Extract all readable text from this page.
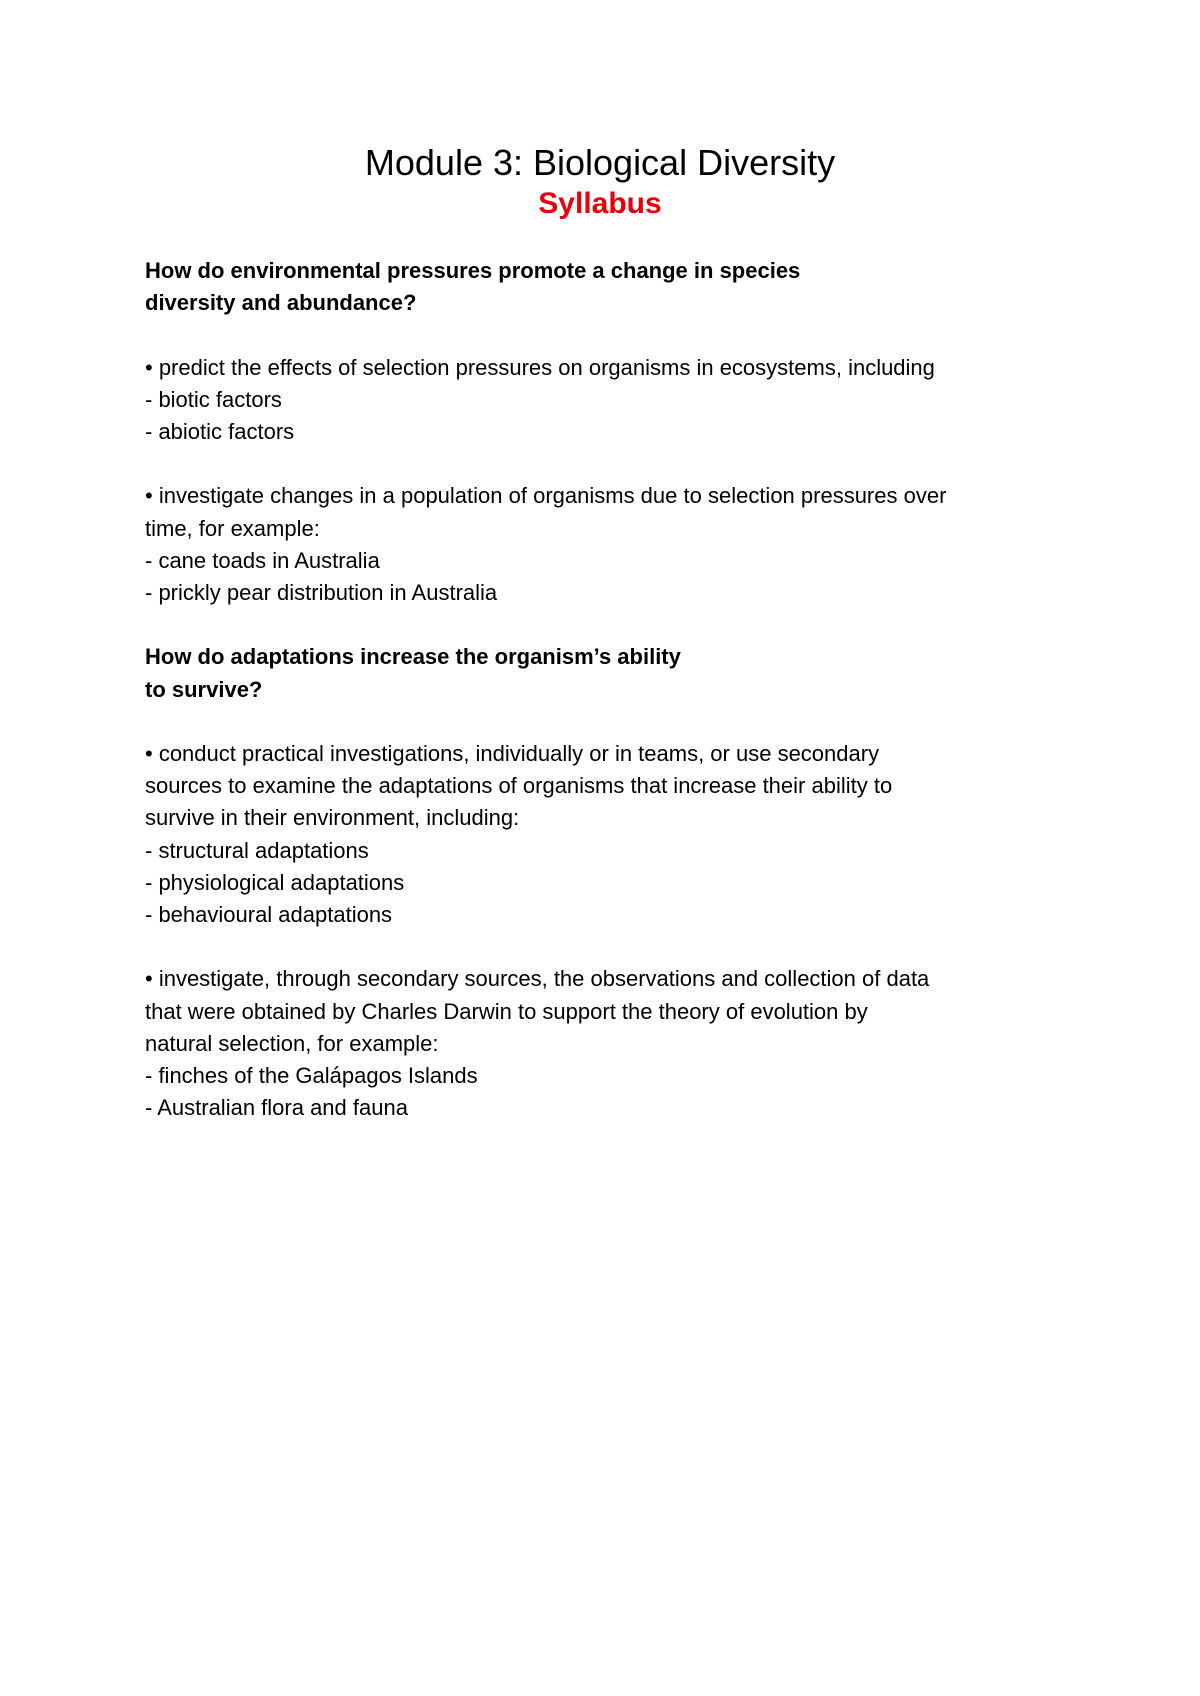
Module 3: Biological Diversity
Syllabus
How do environmental pressures promote a change in species
diversity and abundance?
• predict the effects of selection pressures on organisms in ecosystems, including
- biotic factors
- abiotic factors
• investigate changes in a population of organisms due to selection pressures over
time, for example:
- cane toads in Australia
- prickly pear distribution in Australia
How do adaptations increase the organism’s ability
to survive?
• conduct practical investigations, individually or in teams, or use secondary
sources to examine the adaptations of organisms that increase their ability to
survive in their environment, including:
- structural adaptations
- physiological adaptations
- behavioural adaptations
• investigate, through secondary sources, the observations and collection of data
that were obtained by Charles Darwin to support the theory of evolution by
natural selection, for example:
- finches of the Galápagos Islands
- Australian flora and fauna
